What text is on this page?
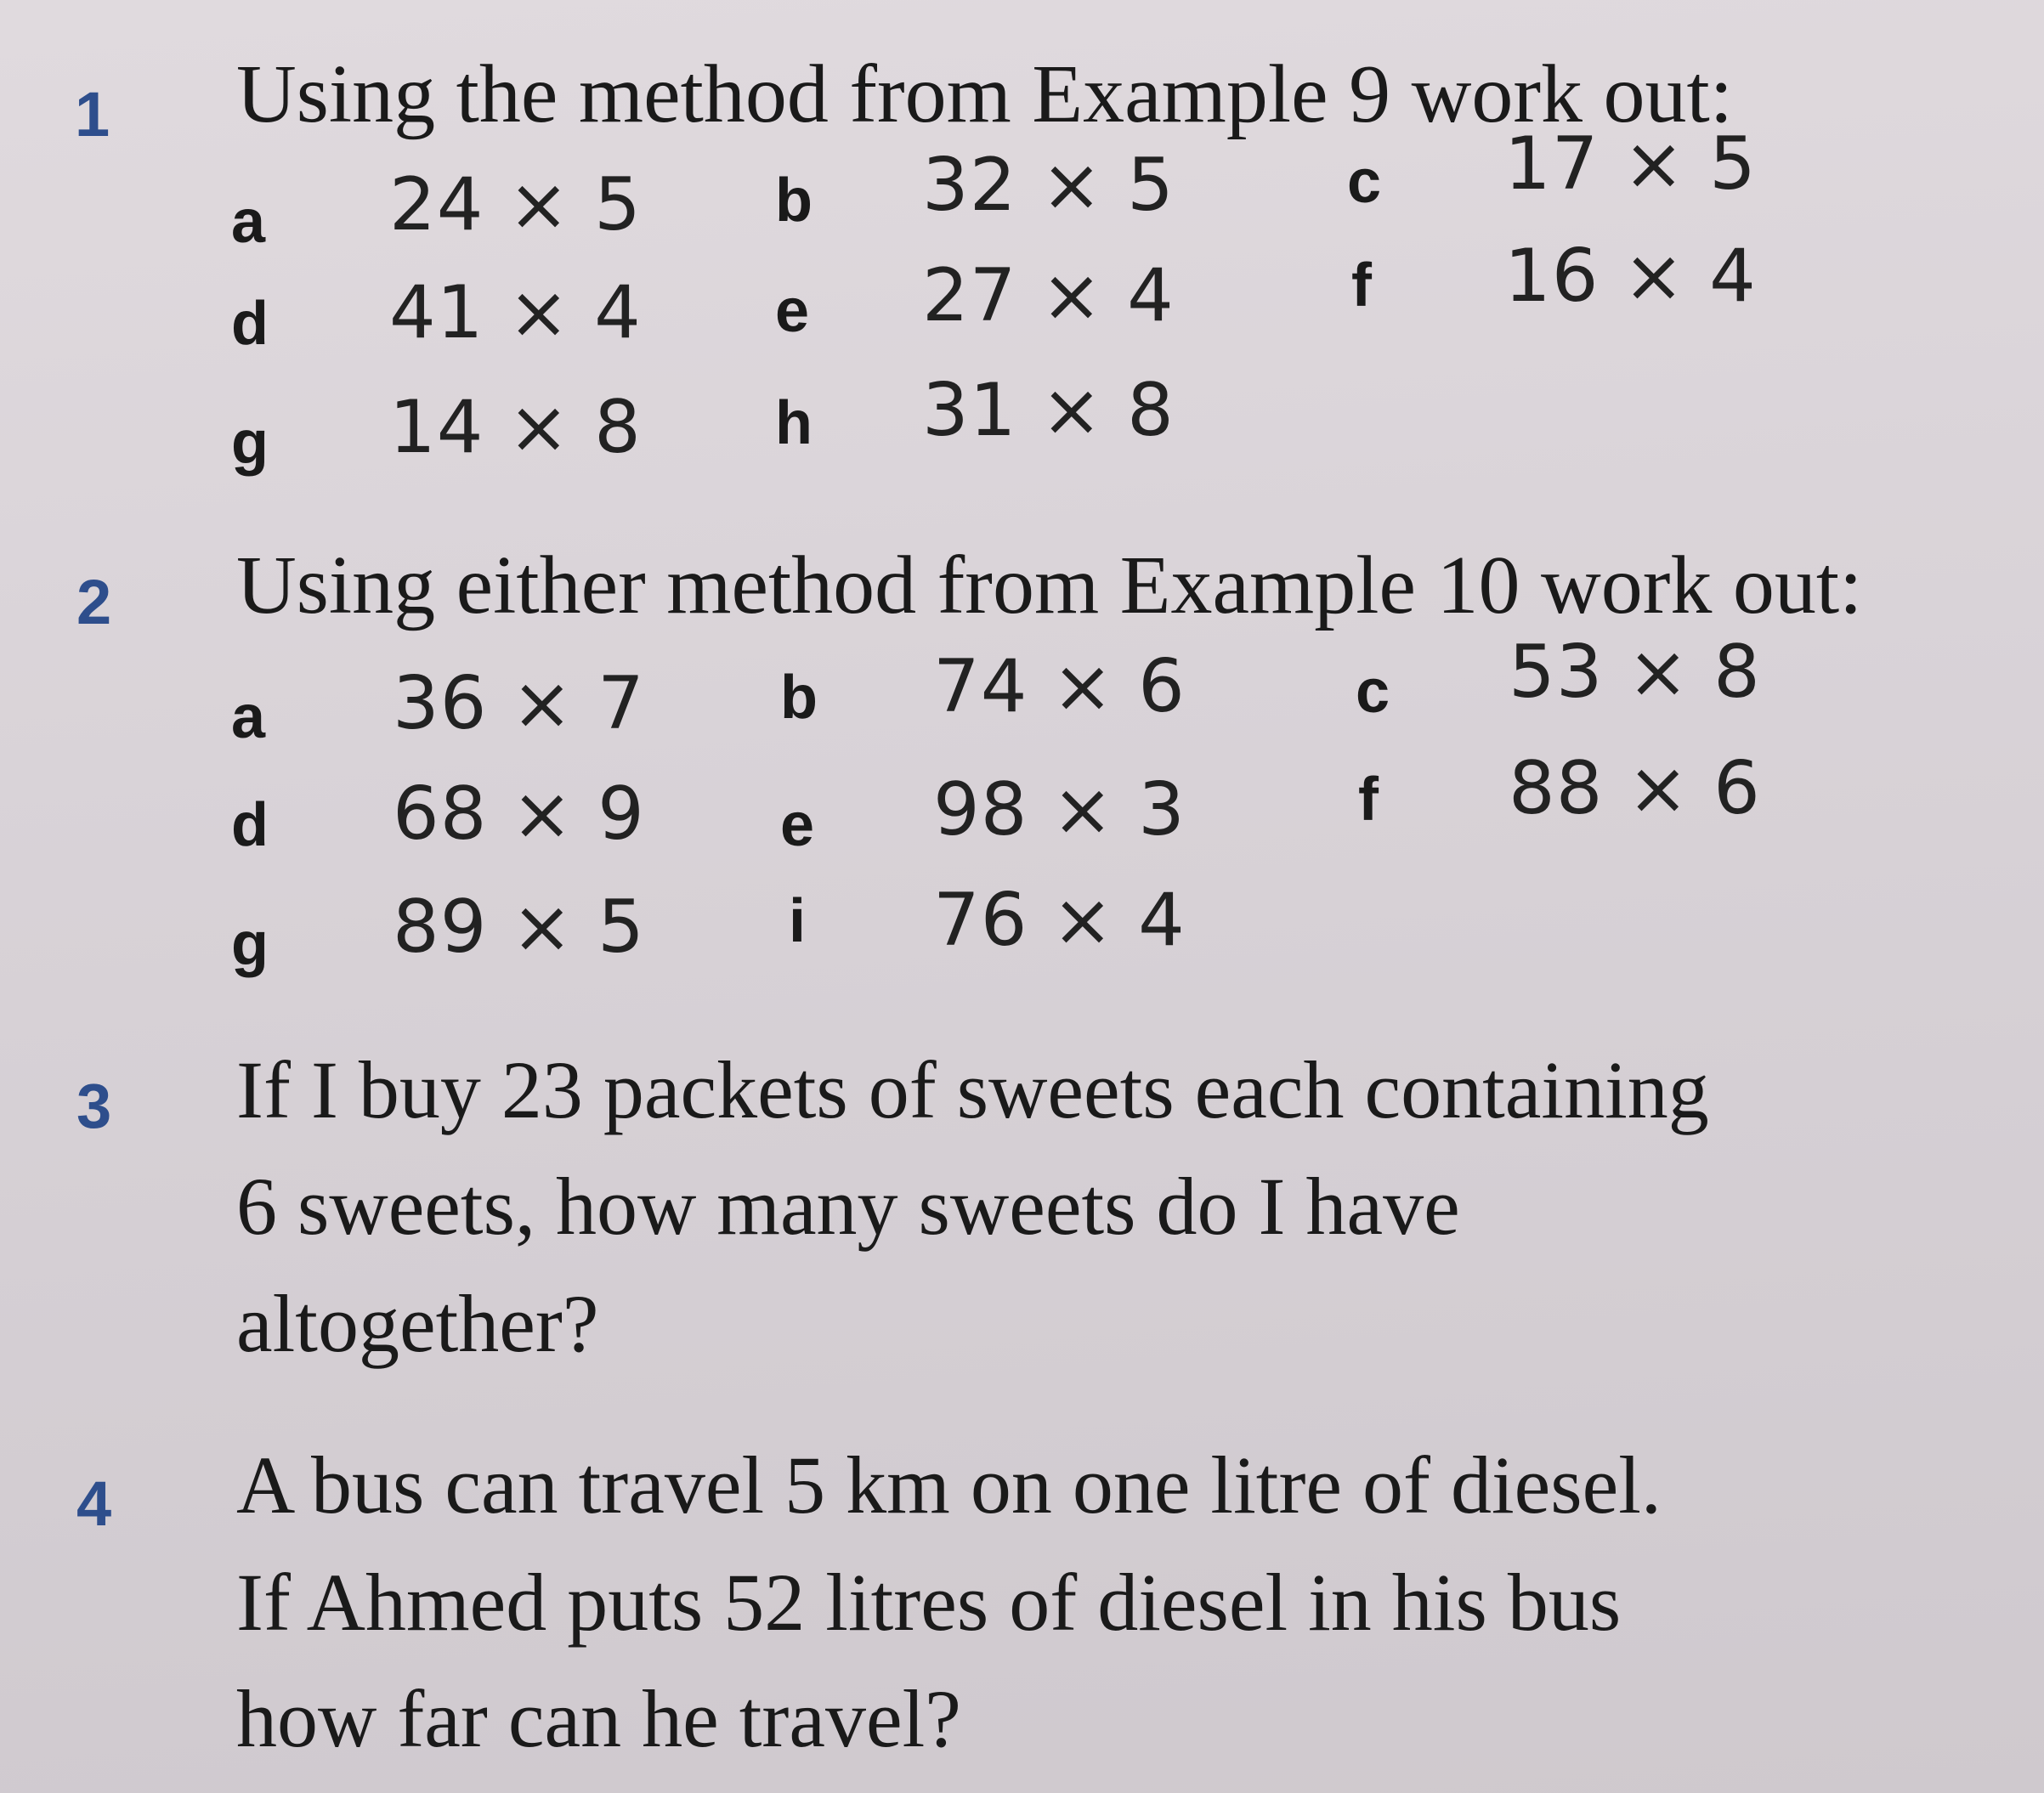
1 Using the method from Example 9 work out:
a 24 × 5 b 32 × 5	c 17 × 5
d 41 × 4 e 27 × 4	f 16 × 4
g 14 × 8 h 31 × 8
2 Using either method from Example 10 work out:
a 36 × 7 b 74 × 6	c 53 × 8
d 68 × 9 e 98 × 3	f 88 × 6
g 89 × 5 i 76 × 4
3 If I buy 23 packets of sweets each containing
6 sweets, how many sweets do I have
altogether?
4 A bus can travel 5 km on one litre of diesel.
If Ahmed puts 52 litres of diesel in his bus
how far can he travel?
